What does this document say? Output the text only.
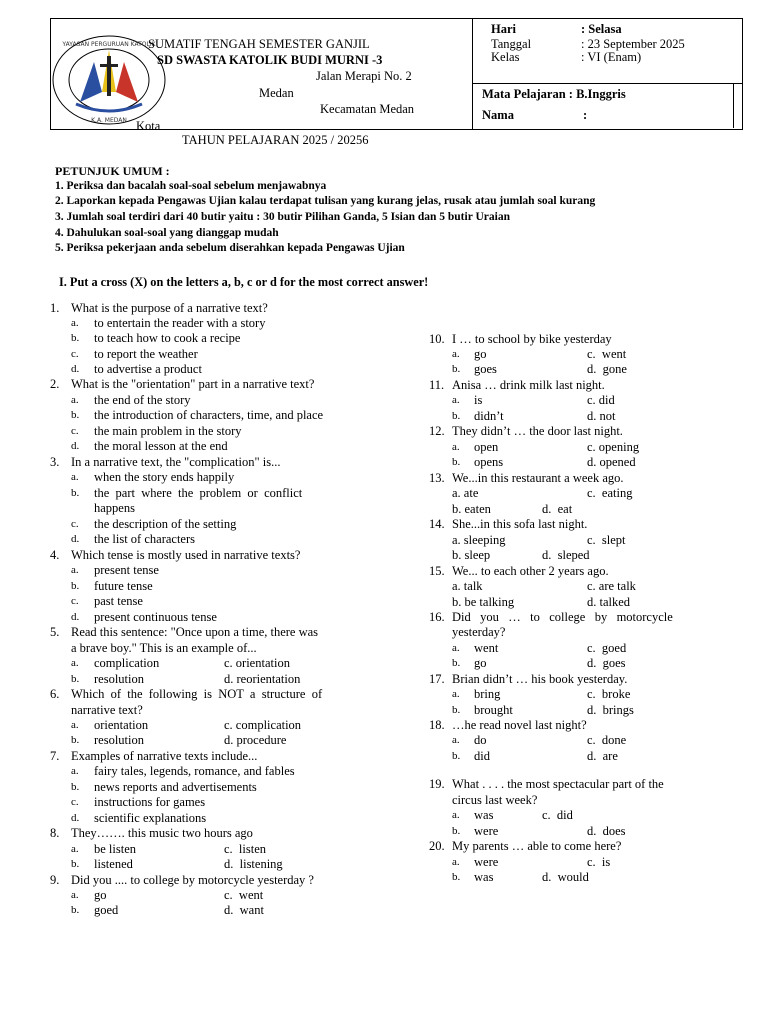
YAYASAN PERGURUAN KATOLIK
K.A. MEDAN
SUMATIF TENGAH SEMESTER GANJIL
SD SWASTA KATOLIK BUDI MURNI -3
Jalan Merapi No. 2
Medan
Kecamatan Medan
Kota
TAHUN PELAJARAN 2025 / 20256
Hari	: Selasa
Tanggal	: 23 September 2025
Kelas	: VI (Enam)
Mata Pelajaran : B.Inggris
Nama	:
PETUNJUK UMUM :
1. Periksa dan bacalah soal-soal sebelum menjawabnya
2. Laporkan kepada Pengawas Ujian kalau terdapat tulisan yang kurang jelas, rusak atau jumlah soal kurang
3. Jumlah soal terdiri dari 40 butir yaitu : 30 butir Pilihan Ganda, 5 Isian dan 5 butir Uraian
4. Dahulukan soal-soal yang dianggap mudah
5. Periksa pekerjaan anda sebelum diserahkan kepada Pengawas Ujian
I. Put a cross (X) on the letters a, b, c or d for the most correct answer!
1. What is the purpose of a narrative text?
a. to entertain the reader with a story
b. to teach how to cook a recipe
c. to report the weather
d. to advertise a product
2. What is the "orientation" part in a narrative text?
a. the end of the story
b. the introduction of characters, time, and place
c. the main problem in the story
d. the moral lesson at the end
3. In a narrative text, the "complication" is...
a. when the story ends happily
b. the  part  where  the  problem  or  conflict
happens
c. the description of the setting
d. the list of characters
4. Which tense is mostly used in narrative texts?
a. present tense
b. future tense
c. past tense
d. present continuous tense
5. Read this sentence: "Once upon a time, there was
a brave boy." This is an example of...
a. complication	c. orientation
b. resolution	d. reorientation
6. Which  of  the  following  is  NOT  a  structure  of
narrative text?
a. orientation	c. complication
b. resolution	d. procedure
7. Examples of narrative texts include...
a. fairy tales, legends, romance, and fables
b. news reports and advertisements
c. instructions for games
d. scientific explanations
8. They……. this music two hours ago
a. be listen	c.  listen
b. listened	d.  listening
9. Did you .... to college by motorcycle yesterday ?
a. go	c.  went
b. goed	d.  want
10. I … to school by bike yesterday
a. go	c.  went
b. goes	d.  gone
11. Anisa … drink milk last night.
a. is	c. did
b. didn’t	d. not
12. They didn’t … the door last night.
a. open	c. opening
b. opens	d. opened
13. We...in this restaurant a week ago.
a. ate	c.  eating
b. eaten	d.  eat
14. She...in this sofa last night.
a. sleeping	c.  slept
b. sleep	d.  sleped
15. We... to each other 2 years ago.
a. talk	c. are talk
b. be talking	d. talked
16. Did   you   …   to   college   by   motorcycle
yesterday?
a. went	c.  goed
b. go	d.  goes
17. Brian didn’t … his book yesterday.
a. bring	c.  broke
b. brought	d.  brings
18. …he read novel last night?
a. do	c.  done
b. did	d.  are
19. What . . . . the most spectacular part of the
circus last week?
a. was	c.  did
b. were	d.  does
20. My parents … able to come here?
a. were	c.  is
b. was	d.  would
